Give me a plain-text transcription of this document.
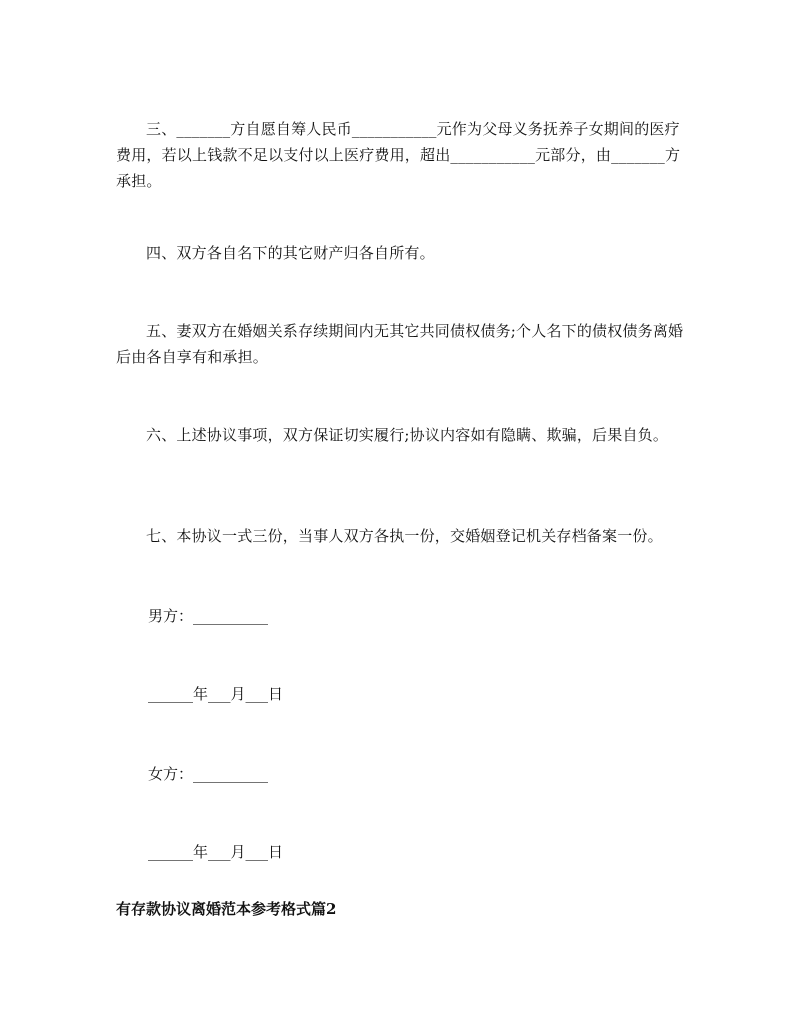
三、_______方自愿自筹人民币___________元作为父母义务抚养子女期间的医疗费用，若以上钱款不足以支付以上医疗费用，超出___________元部分，由_______方承担。

四、双方各自名下的其它财产归各自所有。

五、妻双方在婚姻关系存续期间内无其它共同债权债务;个人名下的债权债务离婚后由各自享有和承担。

六、上述协议事项，双方保证切实履行;协议内容如有隐瞒、欺骗，后果自负。

七、本协议一式三份，当事人双方各执一份，交婚姻登记机关存档备案一份。

男方：__________

______年___月___日

女方：__________

______年___月___日

有存款协议离婚范本参考格式篇2
